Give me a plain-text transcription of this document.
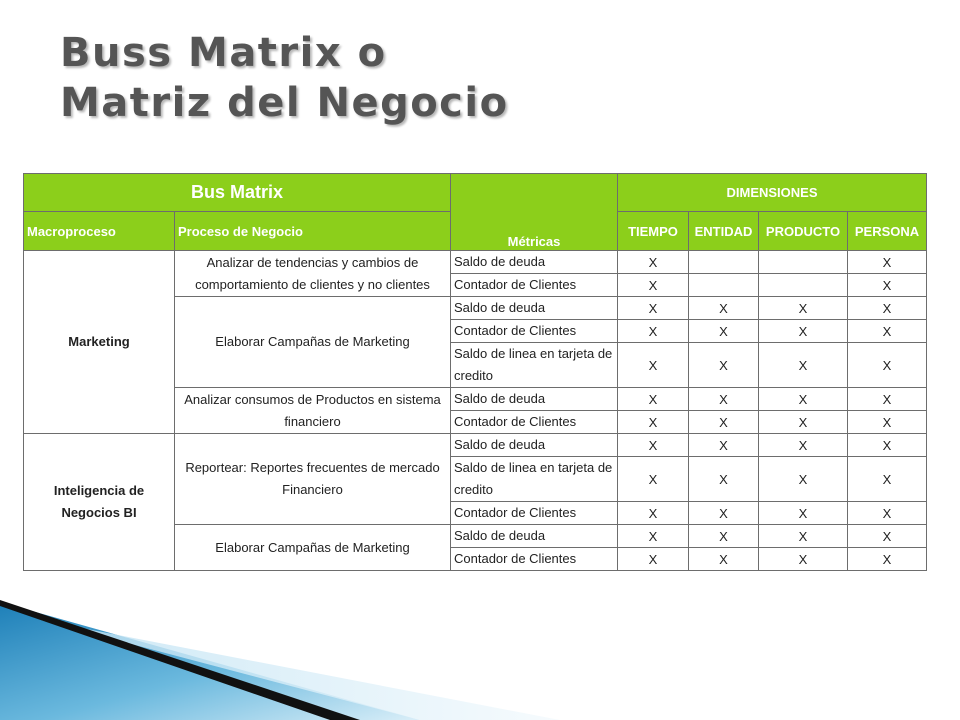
Buss Matrix o
Matriz del Negocio
Bus Matrix		Métricas	DIMENSIONES			
Macroproceso	Proceso de Negocio		TIEMPO	ENTIDAD	PRODUCTO	PERSONA

Marketing	Analizar de tendencias y cambios de comportamiento de clientes y no clientes	Saldo de deuda	X			X
		Contador de Clientes	X			X
	Elaborar Campañas de Marketing	Saldo de deuda	X	X	X	X
		Contador de Clientes	X	X	X	X
		Saldo de linea en tarjeta de credito	X	X	X	X
	Analizar consumos de Productos en sistema financiero	Saldo de deuda	X	X	X	X
		Contador de Clientes	X	X	X	X
Inteligencia de Negocios BI	Reportear: Reportes frecuentes de mercado Financiero	Saldo de deuda	X	X	X	X
		Saldo de linea en tarjeta de credito	X	X	X	X
		Contador de Clientes	X	X	X	X
	Elaborar Campañas de Marketing	Saldo de deuda	X	X	X	X
		Contador de Clientes	X	X	X	X
